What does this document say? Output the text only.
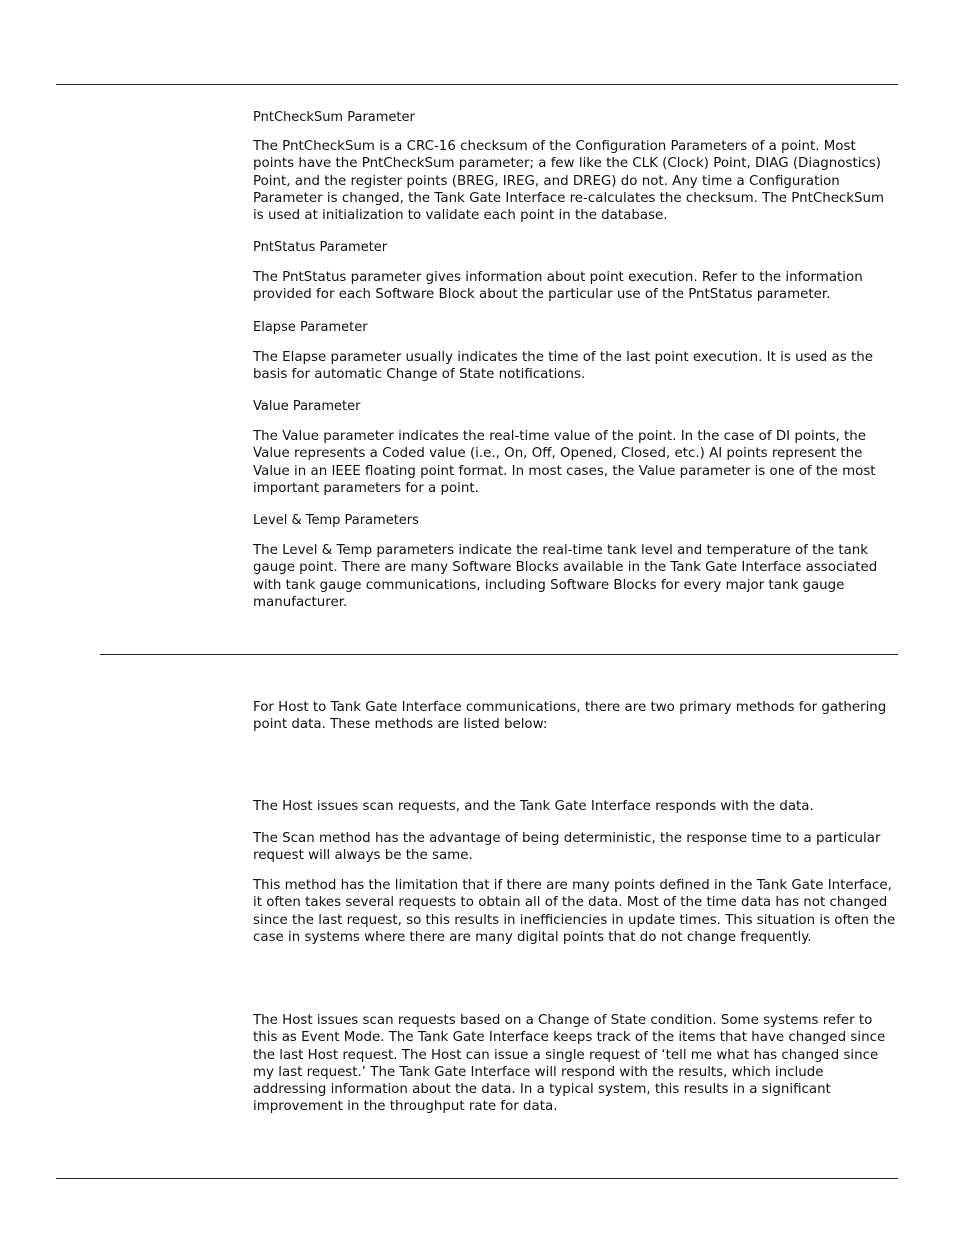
PntCheckSum Parameter

The PntCheckSum is a CRC-16 checksum of the Configuration Parameters of a point. Most points have the PntCheckSum parameter; a few like the CLK (Clock) Point, DIAG (Diagnostics) Point, and the register points (BREG, IREG, and DREG) do not. Any time a Configuration Parameter is changed, the Tank Gate Interface re-calculates the checksum. The PntCheckSum is used at initialization to validate each point in the database.

PntStatus Parameter

The PntStatus parameter gives information about point execution. Refer to the information provided for each Software Block about the particular use of the PntStatus parameter.

Elapse Parameter

The Elapse parameter usually indicates the time of the last point execution. It is used as the basis for automatic Change of State notifications.

Value Parameter

The Value parameter indicates the real-time value of the point. In the case of DI points, the Value represents a Coded value (i.e., On, Off, Opened, Closed, etc.) AI points represent the Value in an IEEE floating point format. In most cases, the Value parameter is one of the most important parameters for a point.

Level & Temp Parameters

The Level & Temp parameters indicate the real-time tank level and temperature of the tank gauge point. There are many Software Blocks available in the Tank Gate Interface associated with tank gauge communications, including Software Blocks for every major tank gauge manufacturer.

For Host to Tank Gate Interface communications, there are two primary methods for gathering point data. These methods are listed below:

The Host issues scan requests, and the Tank Gate Interface responds with the data.

The Scan method has the advantage of being deterministic, the response time to a particular request will always be the same.

This method has the limitation that if there are many points defined in the Tank Gate Interface, it often takes several requests to obtain all of the data. Most of the time data has not changed since the last request, so this results in inefficiencies in update times. This situation is often the case in systems where there are many digital points that do not change frequently.

The Host issues scan requests based on a Change of State condition. Some systems refer to this as Event Mode. The Tank Gate Interface keeps track of the items that have changed since the last Host request. The Host can issue a single request of ‘tell me what has changed since my last request.’ The Tank Gate Interface will respond with the results, which include addressing information about the data. In a typical system, this results in a significant improvement in the throughput rate for data.
